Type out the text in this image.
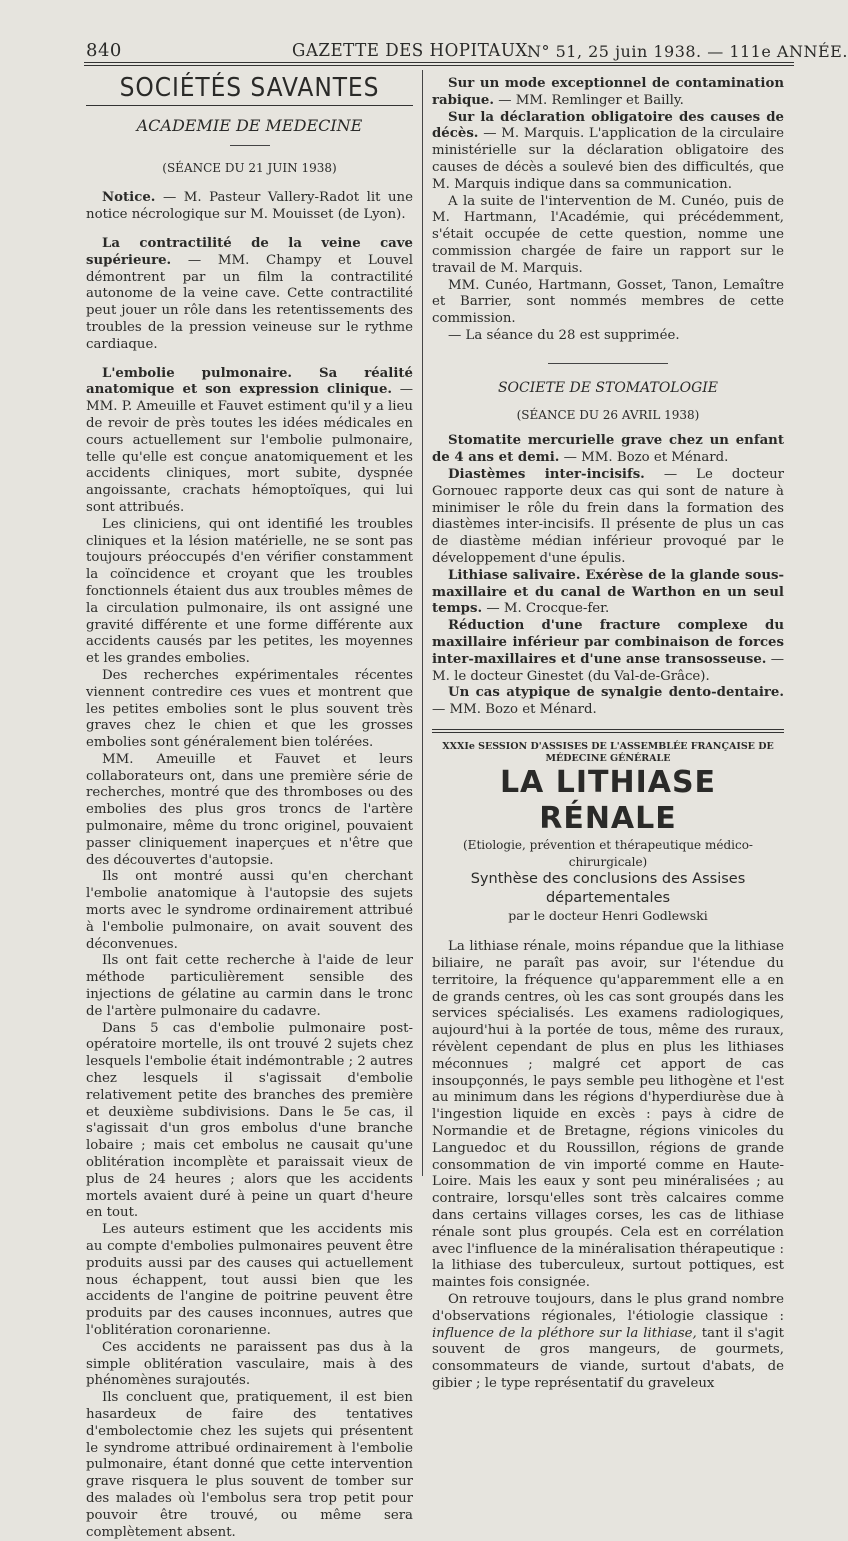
840	GAZETTE DES HOPITAUX N° 51, 25 juin 1938. — 111e ANNÉE.
SOCIÉTÉS SAVANTES
ACADEMIE DE MEDECINE
(SÉANCE DU 21 JUIN 1938)

Notice. — M. Pasteur Vallery-Radot lit une notice nécrologique sur M. Mouisset (de Lyon).

La contractilité de la veine cave supérieure. — MM. Champy et Louvel démontrent par un film la contractilité autonome de la veine cave. Cette contractilité peut jouer un rôle dans les retentissements des troubles de la pression veineuse sur le rythme cardiaque.

L'embolie pulmonaire. Sa réalité anatomique et son expression clinique. — MM. P. Ameuille et Fauvet estiment qu'il y a lieu de revoir de près toutes les idées médicales en cours actuellement sur l'embolie pulmonaire, telle qu'elle est conçue anatomiquement et les accidents cliniques, mort subite, dyspnée angoissante, crachats hémoptoïques, qui lui sont attribués.

Les cliniciens, qui ont identifié les troubles cliniques et la lésion matérielle, ne se sont pas toujours préoccupés d'en vérifier constamment la coïncidence et croyant que les troubles fonctionnels étaient dus aux troubles mêmes de la circulation pulmonaire, ils ont assigné une gravité différente et une forme différente aux accidents causés par les petites, les moyennes et les grandes embolies.

Des recherches expérimentales récentes viennent contredire ces vues et montrent que les petites embolies sont le plus souvent très graves chez le chien et que les grosses embolies sont généralement bien tolérées.

MM. Ameuille et Fauvet et leurs collaborateurs ont, dans une première série de recherches, montré que des thromboses ou des embolies des plus gros troncs de l'artère pulmonaire, même du tronc originel, pouvaient passer cliniquement inaperçues et n'être que des découvertes d'autopsie.

Ils ont montré aussi qu'en cherchant l'embolie anatomique à l'autopsie des sujets morts avec le syndrome ordinairement attribué à l'embolie pulmonaire, on avait souvent des déconvenues.

Ils ont fait cette recherche à l'aide de leur méthode particulièrement sensible des injections de gélatine au carmin dans le tronc de l'artère pulmonaire du cadavre.

Dans 5 cas d'embolie pulmonaire post-opératoire mortelle, ils ont trouvé 2 sujets chez lesquels l'embolie était indémontrable ; 2 autres chez lesquels il s'agissait d'embolie relativement petite des branches des première et deuxième subdivisions. Dans le 5e cas, il s'agissait d'un gros embolus d'une branche lobaire ; mais cet embolus ne causait qu'une oblitération incomplète et paraissait vieux de plus de 24 heures ; alors que les accidents mortels avaient duré à peine un quart d'heure en tout.

Les auteurs estiment que les accidents mis au compte d'embolies pulmonaires peuvent être produits aussi par des causes qui actuellement nous échappent, tout aussi bien que les accidents de l'angine de poitrine peuvent être produits par des causes inconnues, autres que l'oblitération coronarienne.

Ces accidents ne paraissent pas dus à la simple oblitération vasculaire, mais à des phénomènes surajoutés.

Ils concluent que, pratiquement, il est bien hasardeux de faire des tentatives d'embolectomie chez les sujets qui présentent le syndrome attribué ordinairement à l'embolie pulmonaire, étant donné que cette intervention grave risquera le plus souvent de tomber sur des malades où l'embolus sera trop petit pour pouvoir être trouvé, ou même sera complètement absent.

Sur un mode exceptionnel de contamination rabique. — MM. Remlinger et Bailly.

Sur la déclaration obligatoire des causes de décès. — M. Marquis. L'application de la circulaire ministérielle sur la déclaration obligatoire des causes de décès a soulevé bien des difficultés, que M. Marquis indique dans sa communication.

A la suite de l'intervention de M. Cunéo, puis de M. Hartmann, l'Académie, qui précédemment, s'était occupée de cette question, nomme une commission chargée de faire un rapport sur le travail de M. Marquis.

MM. Cunéo, Hartmann, Gosset, Tanon, Lemaître et Barrier, sont nommés membres de cette commission.

— La séance du 28 est supprimée.

SOCIETE DE STOMATOLOGIE
(SÉANCE DU 26 AVRIL 1938)

Stomatite mercurielle grave chez un enfant de 4 ans et demi. — MM. Bozo et Ménard.

Diastèmes inter-incisifs. — Le docteur Gornouec rapporte deux cas qui sont de nature à minimiser le rôle du frein dans la formation des diastèmes inter-incisifs. Il présente de plus un cas de diastème médian inférieur provoqué par le développement d'une épulis.

Lithiase salivaire. Exérèse de la glande sous-maxillaire et du canal de Warthon en un seul temps. — M. Crocque-fer.

Réduction d'une fracture complexe du maxillaire inférieur par combinaison de forces inter-maxillaires et d'une anse transosseuse. — M. le docteur Ginestet (du Val-de-Grâce).

Un cas atypique de synalgie dento-dentaire. — MM. Bozo et Ménard.

XXXIe SESSION D'ASSISES DE L'ASSEMBLÉE FRANÇAISE DE MÉDECINE GÉNÉRALE
LA LITHIASE RÉNALE
(Etiologie, prévention et thérapeutique médico-chirurgicale)
Synthèse des conclusions des Assises départementales
par le docteur Henri Godlewski

La lithiase rénale, moins répandue que la lithiase biliaire, ne paraît pas avoir, sur l'étendue du territoire, la fréquence qu'apparemment elle a en de grands centres, où les cas sont groupés dans les services spécialisés. Les examens radiologiques, aujourd'hui à la portée de tous, même des ruraux, révèlent cependant de plus en plus les lithiases méconnues ; malgré cet apport de cas insoupçonnés, le pays semble peu lithogène et l'est au minimum dans les régions d'hyperdiurèse due à l'ingestion liquide en excès : pays à cidre de Normandie et de Bretagne, régions vinicoles du Languedoc et du Roussillon, régions de grande consommation de vin importé comme en Haute-Loire. Mais les eaux y sont peu minéralisées ; au contraire, lorsqu'elles sont très calcaires comme dans certains villages corses, les cas de lithiase rénale sont plus groupés. Cela est en corrélation avec l'influence de la minéralisation thérapeutique : la lithiase des tuberculeux, surtout pottiques, est maintes fois consignée.

On retrouve toujours, dans le plus grand nombre d'observations régionales, l'étiologie classique : influence de la pléthore sur la lithiase, tant il s'agit souvent de gros mangeurs, de gourmets, consommateurs de viande, surtout d'abats, de gibier ; le type représentatif du graveleux
